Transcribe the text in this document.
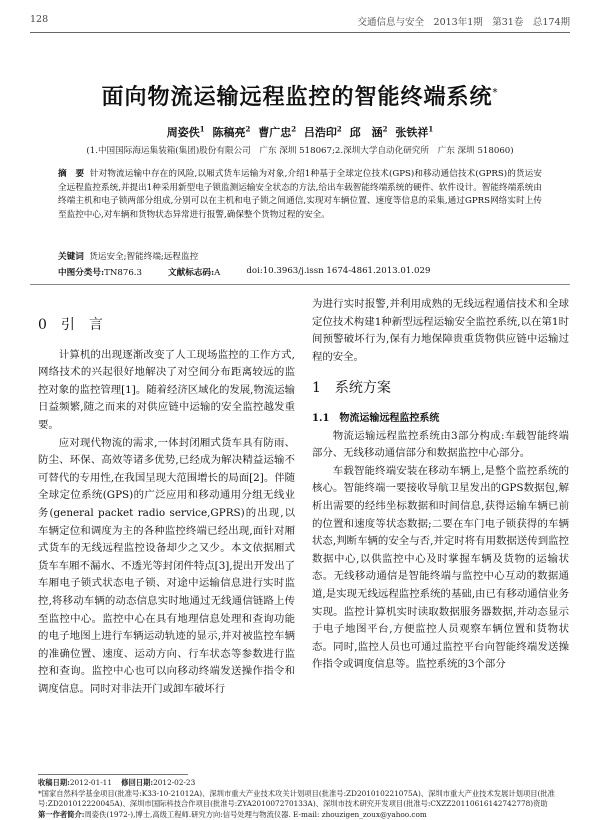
128	交通信息与安全　2013年1期　第31卷　总174期
面向物流运输远程监控的智能终端系统*
周姿佚$^1$ 陈稿亮$^2$ 曹广忠$^2$ 吕浩印$^2$ 邱　涵$^2$ 张铁祥$^1$
(1.中国国际海运集装箱(集团)股份有限公司　广东 深圳 518067;2.深圳大学自动化研究所　广东 深圳 518060)
摘　要 针对物流运输中存在的风险,以厢式货车运输为对象,介绍1种基于全球定位技术(GPS)和移动通信技术(GPRS)的货运安全远程监控系统,并提出1种采用新型电子锁监测运输安全状态的方法,给出车载智能终端系统的硬件、软件设计。智能终端系统由终端主机和电子锁两部分组成,分别可以在主机和电子锁之间通信,实现对车辆位置、速度等信息的采集,通过GPRS网络实时上传至监控中心,对车辆和货物状态异常进行报警,确保整个货物过程的安全。
关键词 货运安全;智能终端;远程监控
中图分类号:TN876.3	文献标志码:A	doi:10.3963/j.issn 1674-4861.2013.01.029
0 引　言

计算机的出现逐渐改变了人工现场监控的工作方式,网络技术的兴起很好地解决了对空间分布距离较远的监控对象的监控管理[1]。随着经济区域化的发展,物流运输日益频繁,随之而来的对供应链中运输的安全监控越发重要。

应对现代物流的需求,一体封闭厢式货车具有防雨、防尘、环保、高效等诸多优势,已经成为解决精益运输不可替代的专用性,在我国呈现大范围增长的局面[2]。伴随全球定位系统(GPS)的广泛应用和移动通用分组无线业务(general packet radio service,GPRS)的出现,以车辆定位和调度为主的各种监控终端已经出现,面针对厢式货车的无线远程监控设备却少之又少。本文依据厢式货车车厢不漏水、不透光等封闭件特点[3],提出开发出了车厢电子锁式状态电子锁、对途中运输信息进行实时监控,将移动车辆的动态信息实时地通过无线通信链路上传至监控中心。监控中心在具有地理信息处理和查询功能的电子地图上进行车辆运动轨迹的显示,并对被监控车辆的准确位置、速度、运动方向、行车状态等参数进行监控和查询。监控中心也可以向移动终端发送操作指令和调度信息。同时对非法开门或卸车破坏行

为进行实时报警,并利用成熟的无线远程通信技术和全球定位技术构建1种新型远程运输安全监控系统,以在第1时间预警破坏行为,保有力地保障贵重货物供应链中运输过程的安全。

1 系统方案
1.1　物流运输远程监控系统

物流运输远程监控系统由3部分构成:车载智能终端部分、无线移动通信部分和数据监控中心部分。

车载智能终端安装在移动车辆上,是整个监控系统的核心。智能终端一要接收导航卫星发出的GPS数据包,解析出需要的经纬坐标数据和时间信息,获得运输车辆已前的位置和速度等状态数据;二要在车门电子锁获得的车辆状态,判断车辆的安全与否,并定时将有用数据送传到监控数据中心,以供监控中心及时掌握车辆及货物的运输状态。无线移动通信是智能终端与监控中心互动的数据通道,是实现无线远程监控系统的基础,由已有移动通信业务实现。监控计算机实时读取数据服务器数据,并动态显示于电子地图平台,方便监控人员观察车辆位置和货物状态。同时,监控人员也可通过监控平台向智能终端发送操作指令或调度信息等。监控系统的3个部分

收稿日期:2012-01-11 修回日期:2012-02-23
*国家自然科学基金项目(批准号:K33-10-21012A)、深圳市重大产业技术攻关计划项目(批准号:ZD201010221075A)、深圳市重大产业技术发展计划项目(批准号:ZD201012220045A)、深圳市国际科技合作项目(批准号:ZYA201007270133A)、深圳市技术研究开发项目(批准号:CXZZ20110616142742778)资助
第一作者简介:周姿佚(1972-),博士,高级工程师.研究方向:信号处理与物流仪器. E-mail: zhouzigen_zoux@yahoo.com
